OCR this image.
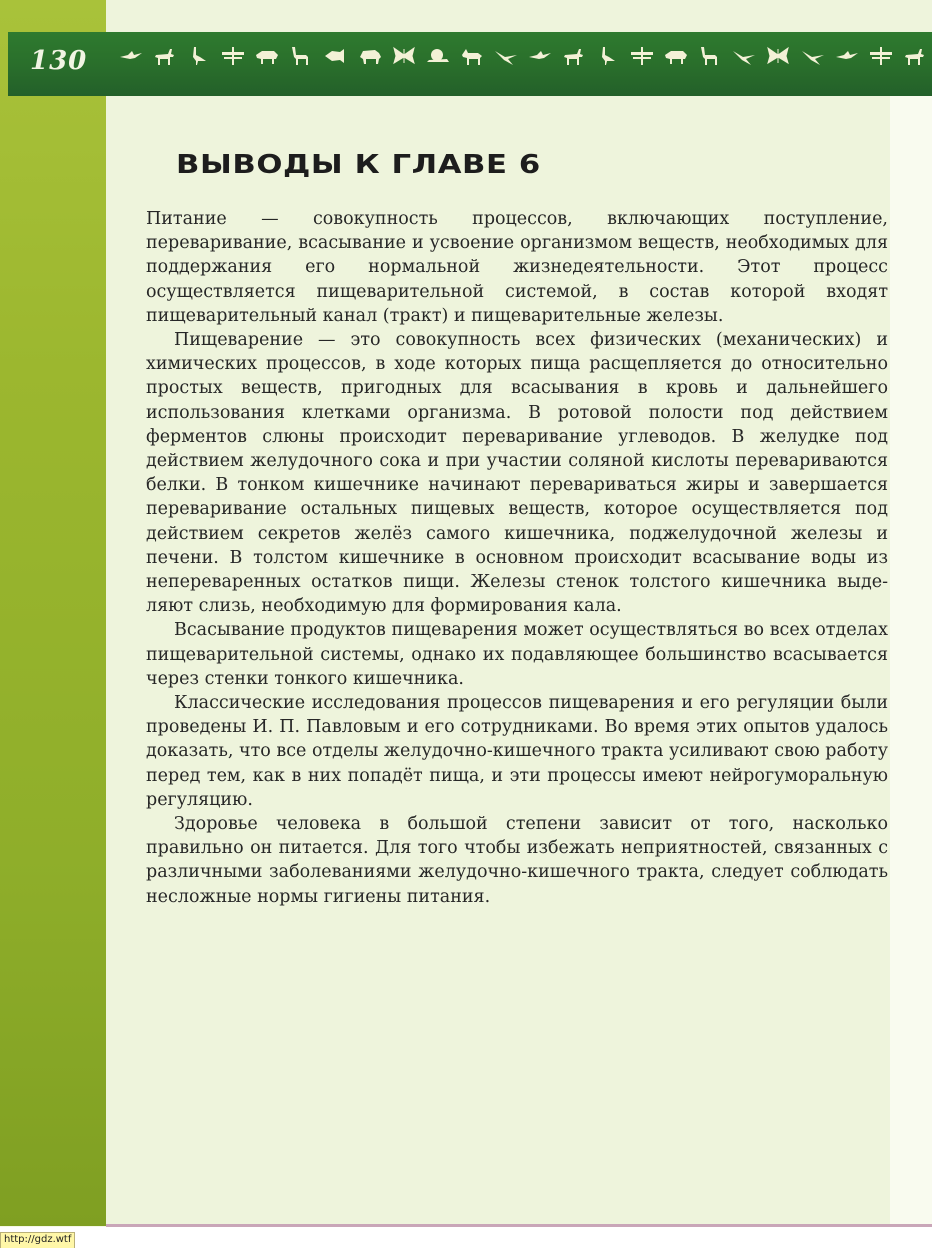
130
ВЫВОДЫ К ГЛАВЕ 6

Питание — совокупность процессов, включающих поступление, переваривание, всасывание и усвоение организмом веществ, необходимых для поддержания его нормальной жизнедеятельности. Этот процесс осуществляется пищеварительной системой, в состав которой входят пищеварительный канал (тракт) и пищеварительные железы.

Пищеварение — это совокупность всех физических (механических) и химических процессов, в ходе которых пища расщепляется до относительно простых веществ, пригодных для всасывания в кровь и дальнейшего использования клетками организма. В ротовой полости под действием ферментов слюны происходит переваривание углеводов. В желудке под действием желудочного сока и при участии соляной кислоты перевариваются белки. В тонком кишечнике начинают перевариваться жиры и завершается переваривание остальных пищевых веществ, которое осуществляется под действием секретов желёз самого кишечника, поджелудочной железы и печени. В толстом кишечнике в основном происходит всасывание воды из непереваренных остатков пищи. Железы стенок толстого кишечника выделяют слизь, необходимую для формирования кала.

Всасывание продуктов пищеварения может осуществляться во всех отделах пищеварительной системы, однако их подавляющее большинство всасывается через стенки тонкого кишечника.

Классические исследования процессов пищеварения и его регуляции были проведены И. П. Павловым и его сотрудниками. Во время этих опытов удалось доказать, что все отделы желудочно-кишечного тракта усиливают свою работу перед тем, как в них попадёт пища, и эти процессы имеют нейрогуморальную регуляцию.

Здоровье человека в большой степени зависит от того, насколько правильно он питается. Для того чтобы избежать неприятностей, связанных с различными заболеваниями желудочно-кишечного тракта, следует соблюдать несложные нормы гигиены питания.

http://gdz.wtf
